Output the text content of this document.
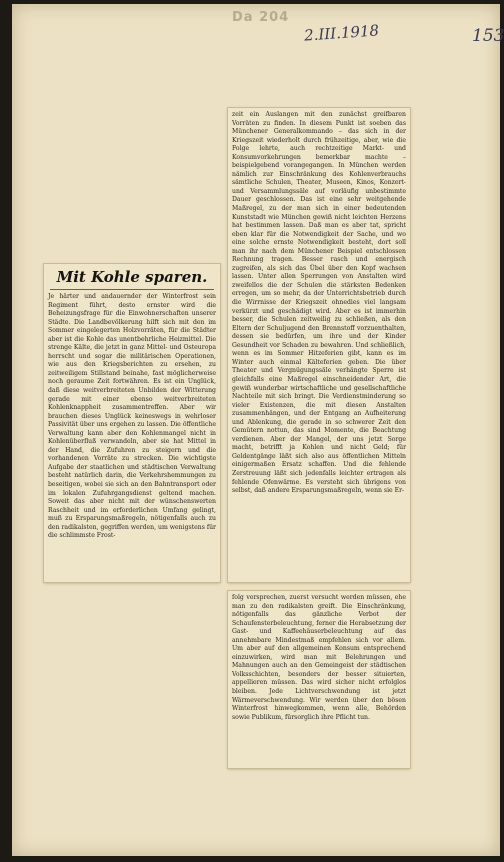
Da 204
2.III.1918	153
Mit Kohle sparen.

Je härter und andauernder der Winterfrost sein Regiment führt, desto ernster wird die Beheizungsfrage für die Einwohnerschaften unserer Städte. Die Landbevölkerung hilft sich mit den im Sommer eingelegerten Holzvorräten, für die Städter aber ist die Kohle das unentbehrliche Heizmittel. Die strenge Kälte, die jetzt in ganz Mittel- und Osteuropa herrscht und sogar die militärischen Operationen, wie aus den Kriegsberichten zu ersehen, zu zeitweiligem Stillstand beinahe, fast möglicherweise noch geraume Zeit fortwähren. Es ist ein Unglück, daß diese weitverbreiteten Unbilden der Witterung gerade mit einer ebenso weitverbreiteten Kohlenknappheit zusammentreffen. Aber wir brauchen dieses Unglück keineswegs in wehrloser Passivität über uns ergehen zu lassen. Die öffentliche Verwaltung kann aber den Kohlenmangel nicht in Kohlenüberfluß verwandeln, aber sie hat Mittel in der Hand, die Zufuhren zu steigern und die vorhandenen Vorräte zu strecken. Die wichtigste Aufgabe der staatlichen und städtischen Verwaltung besteht natürlich darin, die Verkehrshemmungen zu beseitigen, wobei sie sich an den Bahntransport oder im lokalen Zufuhrgangsdienst geltend machen. Soweit das aber nicht mit der wünschenswerten Raschheit und im erforderlichen Umfang gelingt, muß zu Ersparungsmaßregeln, nötigenfalls auch zu den radikalsten, gegriffen werden, um wenigstens für die schlimmste Frost-

zeit ein Auslangen mit den zunächst greifbaren Vorräten zu finden. In diesem Punkt ist soeben das Münchener Generalkommando – das sich in der Kriegszeit wiederholt durch frühzeitige, aber, wie die Folge lehrte, auch rechtzeitige Markt- und Konsumvorkehrungen bemerkbar machte – beispielgebend vorangegangen. In München werden nämlich zur Einschränkung des Kohlenverbrauchs sämtliche Schulen, Theater, Museen, Kinos, Konzert- und Versammlungssäle auf vorläufig unbestimmte Dauer geschlossen. Das ist eine sehr weitgehende Maßregel, zu der man sich in einer bedeutenden Kunststadt wie München gewiß nicht leichten Herzens hat bestimmen lassen. Daß man es aber tat, spricht eben klar für die Notwendigkeit der Sache, und wo eine solche ernste Notwendigkeit besteht, dort soll man ihr nach dem Münchener Beispiel entschlossen Rechnung tragen. Besser rasch und energisch zugreifen, als sich das Übel über den Kopf wachsen lassen. Unter allen Sperrungen von Anstalten wird zweifellos die der Schulen die stärksten Bedenken erregen, um so mehr, da der Unterrichtsbetrieb durch die Wirrnisse der Kriegszeit ohnedies viel langsam verkürzt und geschädigt wird. Aber es ist immerhin besser, die Schulen zeitweilig zu schließen, als den Eltern der Schuljugend den Brennstoff vorzuenthalten, dessen sie bedürfen, um ihre und der Kinder Gesundheit vor Schaden zu bewahren. Und schließlich, wenn es im Sommer Hitzeferien gibt, kann es im Winter auch einmal Kälteferien geben. Die über Theater und Vergnügungssäle verhängte Sperre ist gleichfalls eine Maßregel einschneidender Art, die gewiß wunderbar wirtschaftliche und gesellschaftliche Nachteile mit sich bringt. Die Verdienstminderung so vieler Existenzen, die mit diesen Anstalten zusammenhängen, und der Entgang an Aufheiterung und Ablenkung, die gerade in so schwerer Zeit den Gemütern nottun, das sind Momente, die Beachtung verdienen. Aber der Mangel, der uns jetzt Sorge macht, betrifft ja Kohlen und nicht Geld; für Geldentgänge läßt sich also aus öffentlichen Mitteln einigermaßen Ersatz schaffen. Und die fehlende Zerstreuung läßt sich jedenfalls leichter ertragen als fehlende Ofenwärme. Es versteht sich übrigens von selbst, daß andere Ersparungsmaßregeln, wenn sie Er-

folg versprechen, zuerst versucht werden müssen, ehe man zu den radikalsten greift. Die Einschränkung, nötigenfalls das gänzliche Verbot der Schaufensterbeleuchtung, ferner die Herabsetzung der Gast- und Kaffeehäuserbeleuchtung auf das annehmbare Mindestmaß empfehlen sich vor allem. Um aber auf den allgemeinen Konsum entsprechend einzuwirken, wird man mit Belehrungen und Mahnungen auch an den Gemeingeist der städtischen Volksschichten, besonders der besser situierten, appellieren müssen. Das wird sicher nicht erfolglos bleiben. Jede Lichtverschwendung ist jetzt Wärmeverschwendung. Wir werden über den bösen Winterfrost hinwegkommen, wenn alle, Behörden sowie Publikum, fürsorglich ihre Pflicht tun.
